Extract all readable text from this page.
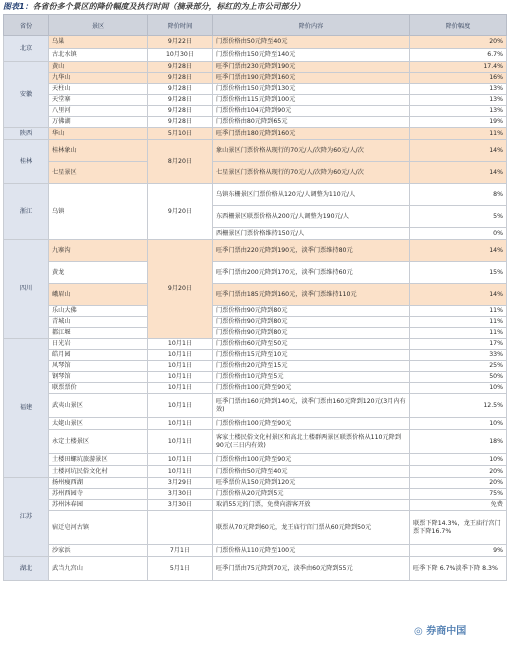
图表1：各省份多个景区的降价幅度及执行时间（摘录部分，标红的为上市公司部分）
省份	景区	降价时间	降价内容	降价幅度
北京	乌巢	9月22日	门票价格由50元降至40元	20%
	古北水镇	10月30日	门票价格由150元降至140元	6.7%
安徽	黄山	9月28日	旺季门票由230元降到190元	17.4%
	九华山	9月28日	旺季门票由190元降到160元	16%
	天柱山	9月28日	门票价格由150元降到130元	13%
	天堂寨	9月28日	门票价格由115元降到100元	13%
	八里河	9月28日	门票价格由104元降到90元	13%
	万佛湖	9月28日	门票价格由80元降到65元	19%
陕西	华山	5月10日	旺季门票由180元降到160元	11%
桂林	桂林象山	8月20日	象山景区门票价格从现行的70元/人/次降为60元/人/次	14%
	七星景区		七星景区门票价格从现行的70元/人/次降为60元/人/次	14%
浙江	乌镇	9月20日	乌镇东栅景区门票价格从120元/人调整为110元/人	8%
			东西栅景区联票价格从200元/人调整为190元/人	5%
			西栅景区门票价格维持150元/人	0%
四川	九寨沟	9月20日	旺季门票由220元降到190元，淡季门票维持80元	14%
	黄龙		旺季门票由200元降到170元，淡季门票维持60元	15%
	峨眉山		旺季门票由185元降到160元，淡季门票维持110元	14%
	乐山大佛		门票价格由90元降到80元	11%
	青城山		门票价格由90元降到80元	11%
	都江堰		门票价格由90元降到80元	11%
福建	日光岩	10月1日	门票价格由60元降至50元	17%
	皓月园	10月1日	门票价格由15元降至10元	33%
	风琴馆	10月1日	门票价格由20元降至15元	25%
	钢琴馆	10月1日	门票价格由10元降至5元	50%
	联票票价	10月1日	门票价格由100元降至90元	10%
	武夷山景区	10月1日	旺季门票由160元降到140元，淡季门票由160元降到120元(3月内有效)	12.5%
	太姥山景区	10月1日	门票价格由100元降至90元	10%
	永定土楼景区	10月1日	客家土楼民俗文化村景区和高北土楼群两景区联票价格从110元降到90元(三日内有效)	18%
	土楼田螺坑旅游景区	10月1日	门票价格由100元降至90元	10%
	土楼河坑民俗文化村	10月1日	门票价格由50元降至40元	20%
江苏	扬州瘦西湖	3月29日	旺季票价从150元降到120元	20%
	苏州西园寺	3月30日	门票价格从20元降到5元	75%
	苏州沐春园	3月30日	取消55元的门票，免费向游客开放	免费
	宿迁皂河古镇		联票从70元降到60元，龙王庙行宫门票从60元降到50元	联票下降14.3%，龙王庙行宫门票下降16.7%
	沙家浜	7月1日	门票价格从110元降至100元	9%
湖北	武当九宫山	5月1日	旺季门票由75元降到70元，淡季由60元降到55元	旺季下降 6.7%淡季下降 8.3%
◎ 券商中国
